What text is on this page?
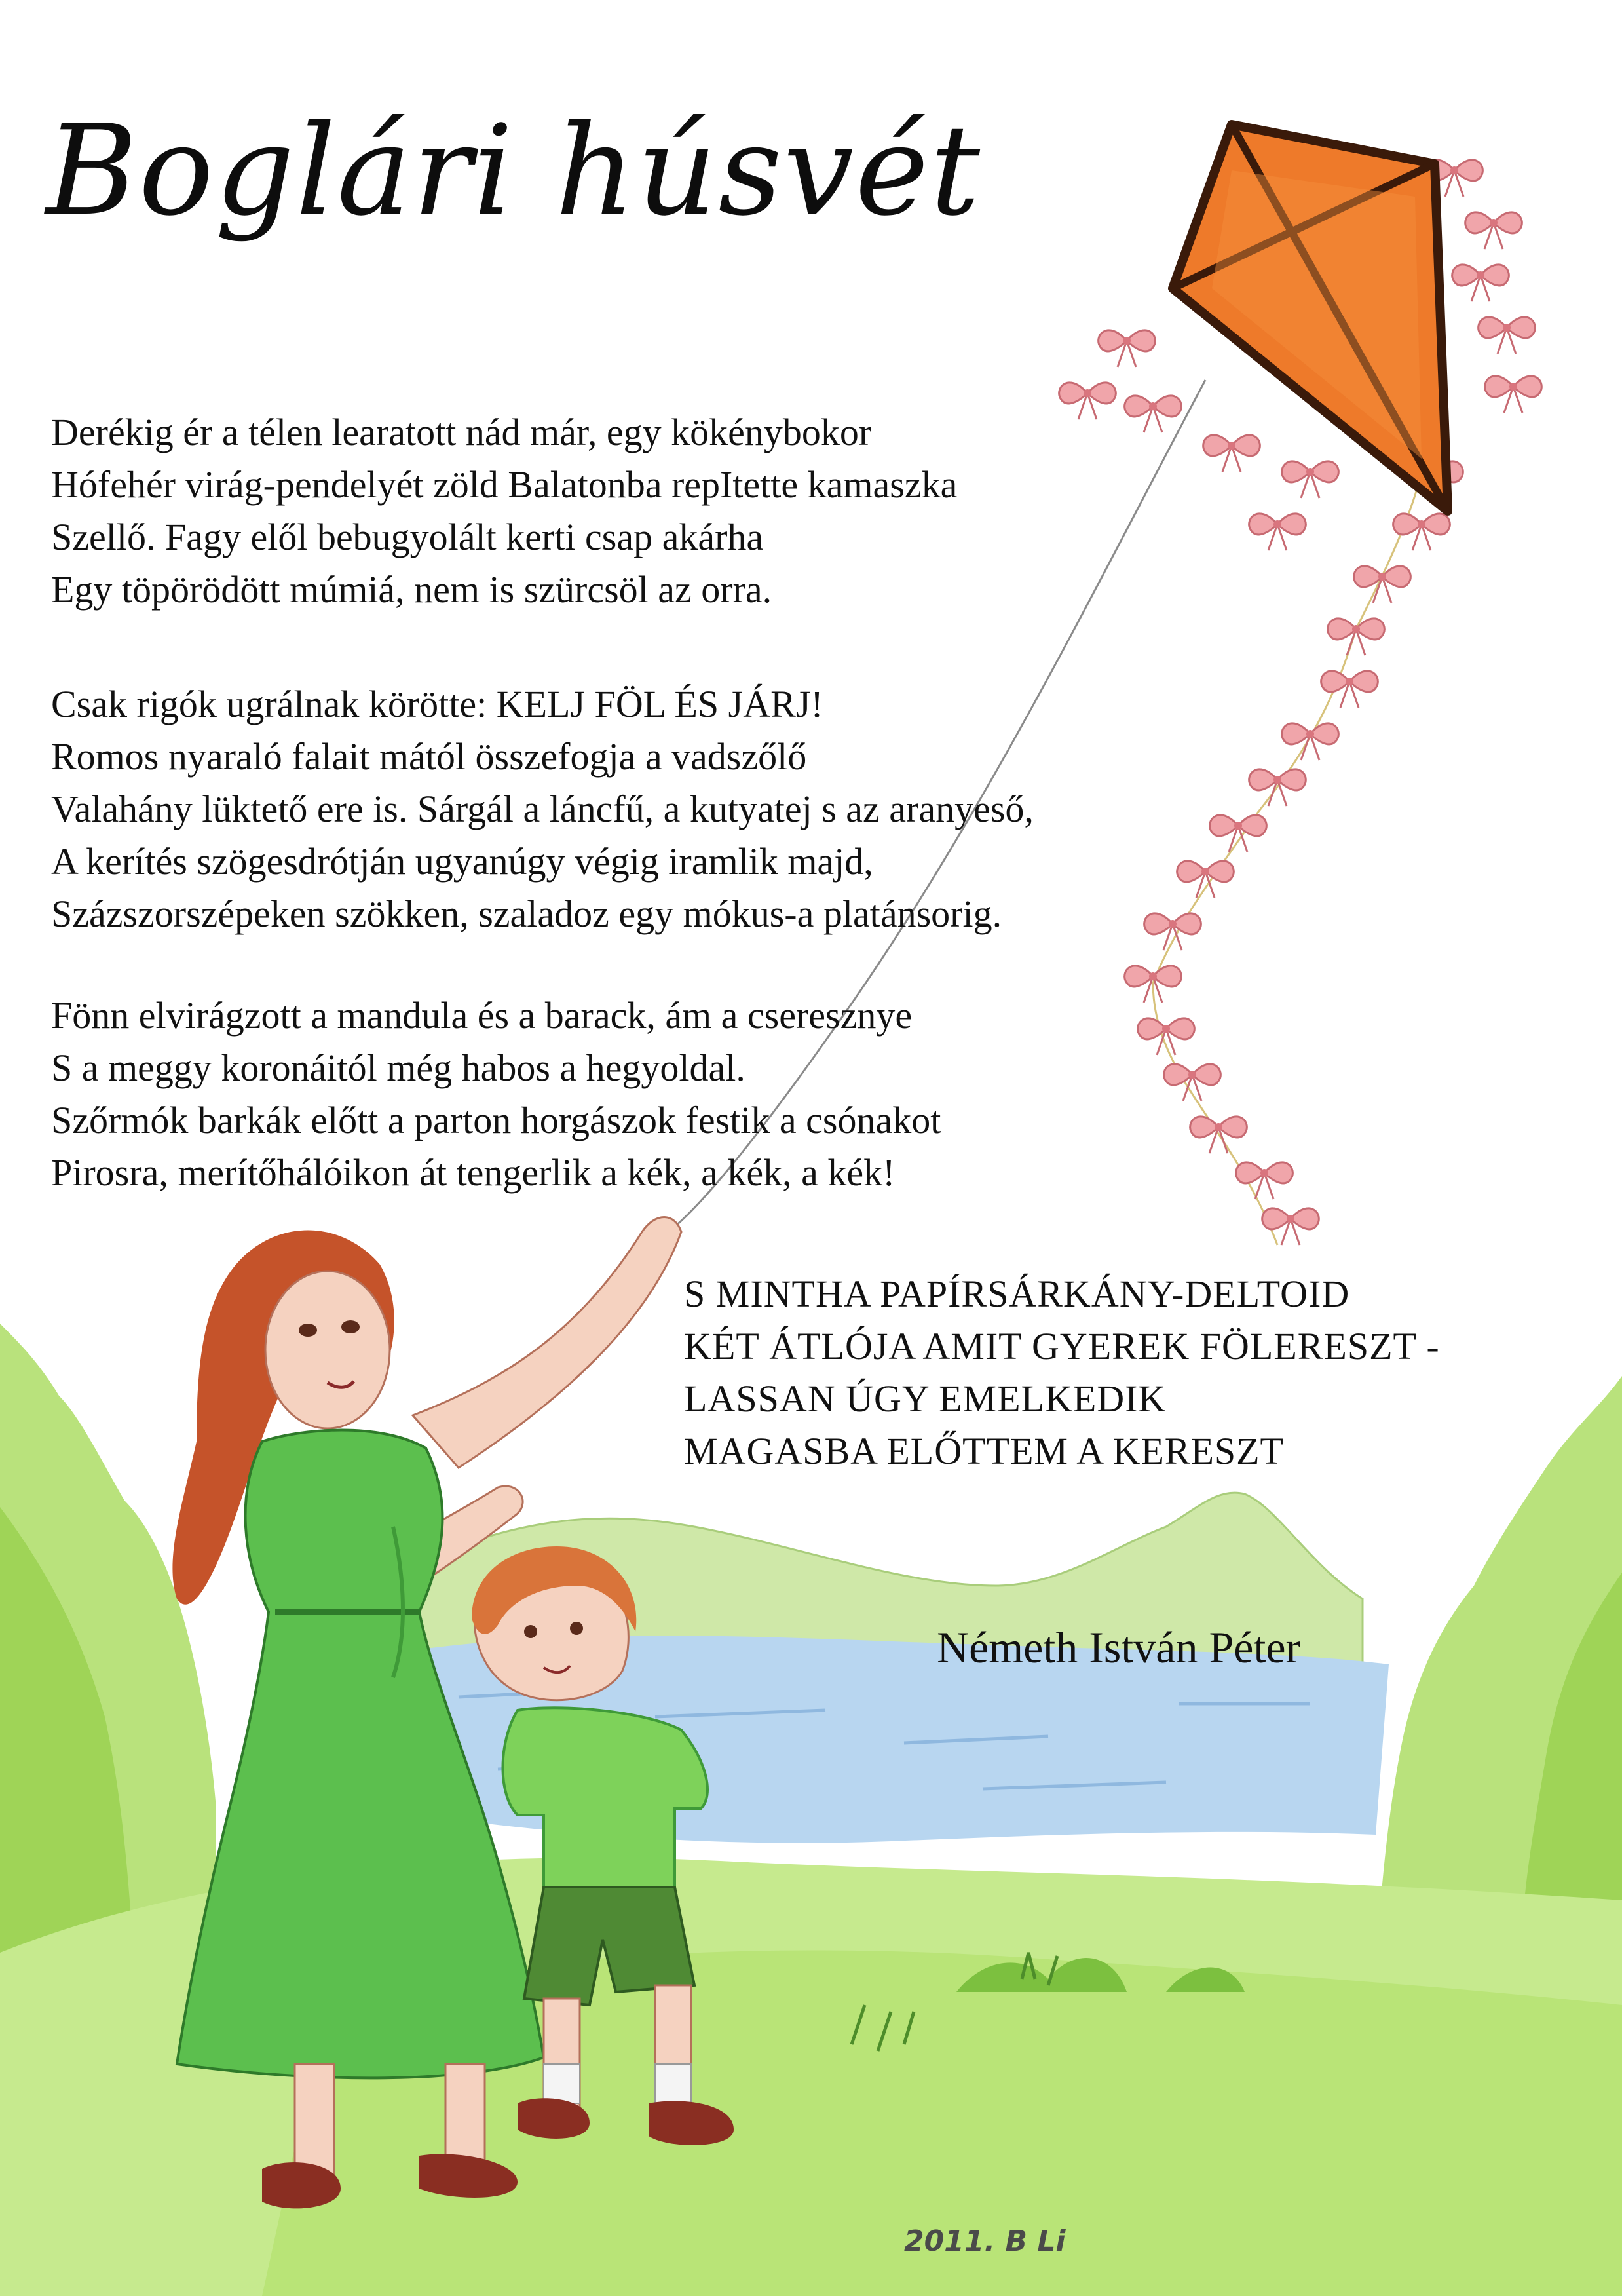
Boglári húsvét
Derékig ér a télen learatott nád már, egy kökénybokor
Hófehér virág-pendelyét zöld Balatonba repItette kamaszka
Szellő. Fagy elől bebugyolált kerti csap akárha
Egy töpörödött múmiá, nem is szürcsöl az orra.
Csak rigók ugrálnak körötte: KELJ FÖL ÉS JÁRJ!
Romos nyaraló falait mától összefogja a vadszőlő
Valahány lüktető ere is. Sárgál a láncfű, a kutyatej s az aranyeső,
A kerítés szögesdrótján ugyanúgy végig iramlik majd,
Százszorszépeken szökken, szaladoz egy mókus-a platánsorig.
Fönn elvirágzott a mandula és a barack, ám a cseresznye
S a meggy koronáitól még habos a hegyoldal.
Szőrmók barkák előtt a parton horgászok festik a csónakot
Pirosra, merítőhálóikon át tengerlik a kék, a kék, a kék!
S MINTHA PAPÍRSÁRKÁNY-DELTOID
KÉT ÁTLÓJA AMIT GYEREK FÖLERESZT -
LASSAN ÚGY EMELKEDIK
MAGASBA ELŐTTEM A KERESZT
Németh István Péter
2011. B Li
